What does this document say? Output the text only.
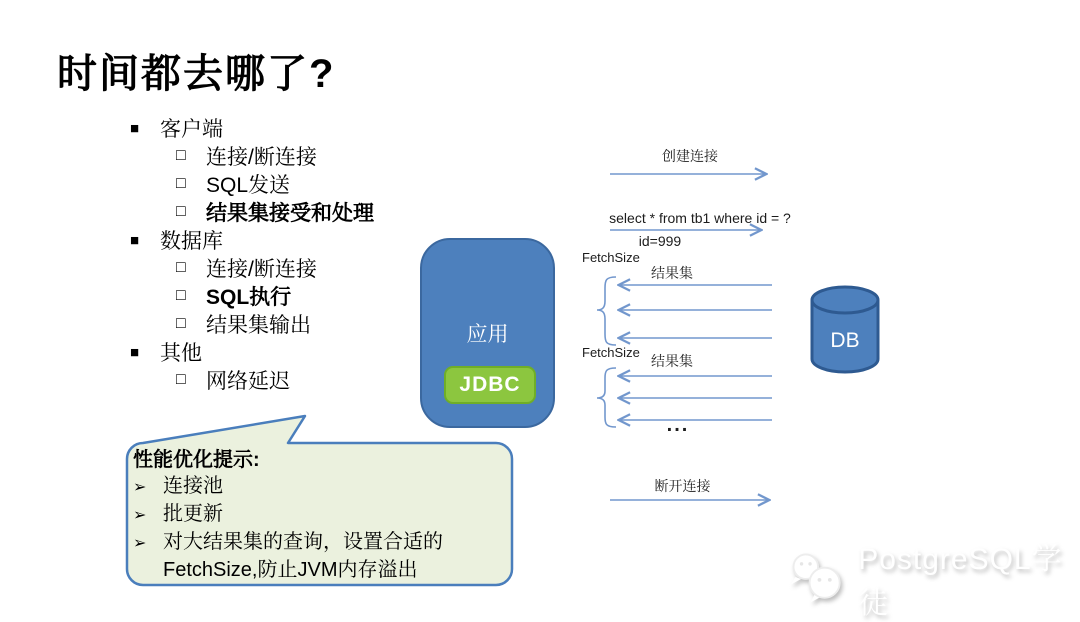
时间都去哪了?
■ 客户端
□ 连接/断连接
□ SQL发送
□ 结果集接受和处理
■ 数据库
□ 连接/断连接
□ SQL执行
□ 结果集输出
■ 其他
□ 网络延迟
应用
JDBC
创建连接
select * from tb1 where id = ?
id=999
FetchSize
结果集
FetchSize
结果集
...
断开连接
DB
性能优化提示:
➢ 连接池
➢ 批更新
➢ 对大结果集的查询，设置合适的
FetchSize,防止JVM内存溢出	PostgreSQL学徒
